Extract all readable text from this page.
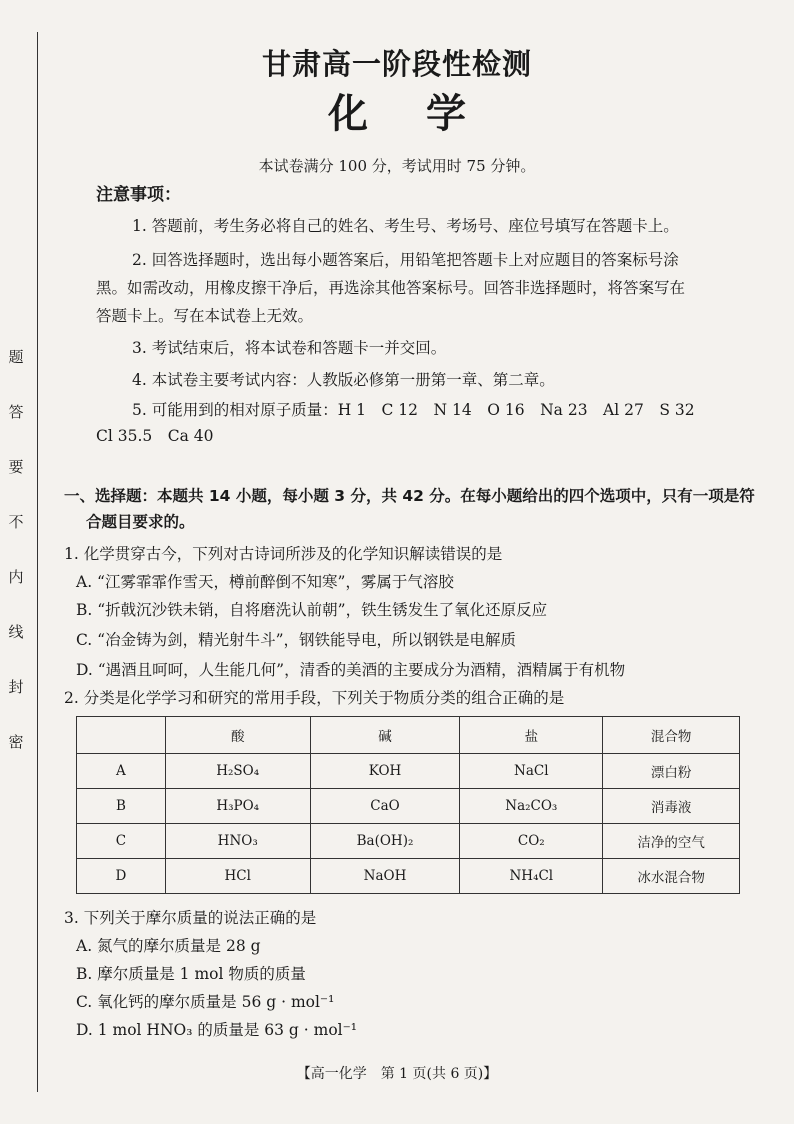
题
答
要
不
内
线
封
密
甘肃高一阶段性检测
化学
本试卷满分 100 分，考试用时 75 分钟。
注意事项：
1. 答题前，考生务必将自己的姓名、考生号、考场号、座位号填写在答题卡上。
2. 回答选择题时，选出每小题答案后，用铅笔把答题卡上对应题目的答案标号涂
黑。如需改动，用橡皮擦干净后，再选涂其他答案标号。回答非选择题时，将答案写在
答题卡上。写在本试卷上无效。
3. 考试结束后，将本试卷和答题卡一并交回。
4. 本试卷主要考试内容：人教版必修第一册第一章、第二章。
5. 可能用到的相对原子质量：H 1　C 12　N 14　O 16　Na 23　Al 27　S 32
Cl 35.5　Ca 40
一、选择题：本题共 14 小题，每小题 3 分，共 42 分。在每小题给出的四个选项中，只有一项是符
合题目要求的。
1. 化学贯穿古今，下列对古诗词所涉及的化学知识解读错误的是
A. “江雾霏霏作雪天，樽前醉倒不知寒”，雾属于气溶胶
B. “折戟沉沙铁未销，自将磨洗认前朝”，铁生锈发生了氧化还原反应
C. “冶金铸为剑，精光射牛斗”，钢铁能导电，所以钢铁是电解质
D. “遇酒且呵呵，人生能几何”，清香的美酒的主要成分为酒精，酒精属于有机物
2. 分类是化学学习和研究的常用手段，下列关于物质分类的组合正确的是
	酸	碱	盐	混合物
A	H₂SO₄	KOH	NaCl	漂白粉
B	H₃PO₄	CaO	Na₂CO₃	消毒液
C	HNO₃	Ba(OH)₂	CO₂	洁净的空气
D	HCl	NaOH	NH₄Cl	冰水混合物
3. 下列关于摩尔质量的说法正确的是
A. 氮气的摩尔质量是 28 g
B. 摩尔质量是 1 mol 物质的质量
C. 氧化钙的摩尔质量是 56 g · mol⁻¹
D. 1 mol HNO₃ 的质量是 63 g · mol⁻¹
【高一化学　第 1 页(共 6 页)】
